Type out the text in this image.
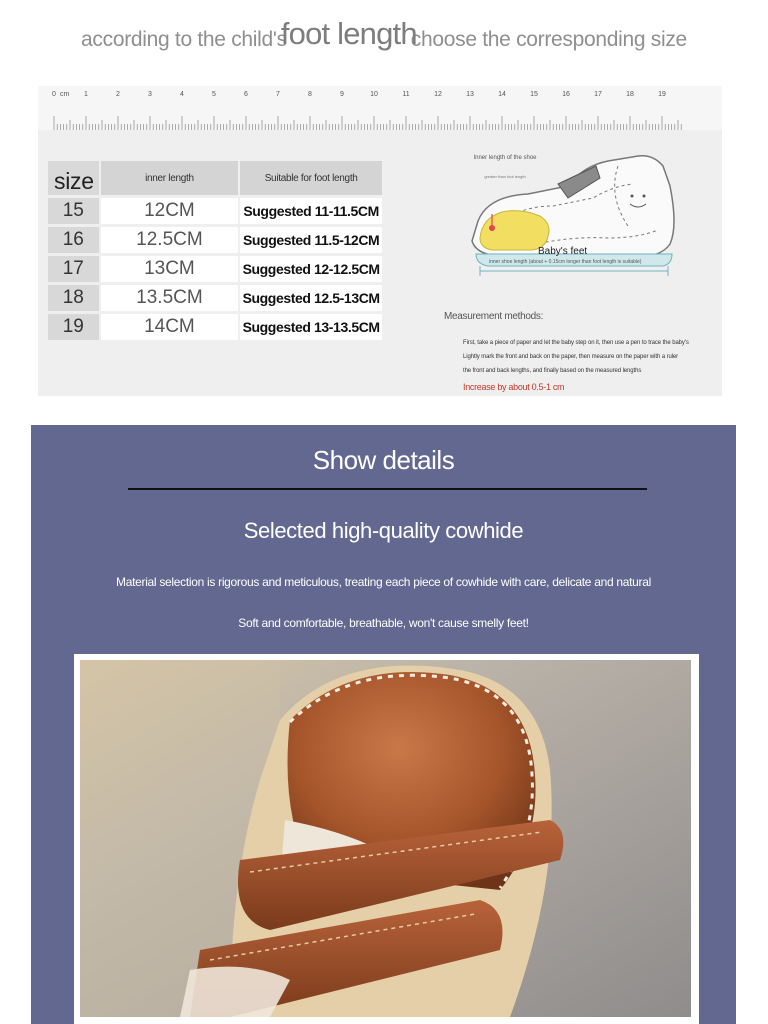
according to the child'sfoot lengthchoose the corresponding size
0	1	2	3	4	5	6	7	8	9	10	11	12	13	14	15	16	17	18	19
cm
size	inner length	Suitable for foot length
15	12CM	Suggested 11-11.5CM
16	12.5CM	Suggested 11.5-12CM
17	13CM	Suggested 12-12.5CM
18	13.5CM	Suggested 12.5-13CM
19	14CM	Suggested 13-13.5CM
Inner length of the shoe
greater than foot length
Baby's feet
inner shoe length (about + 0.15cm longer than foot length is suitable)
Measurement methods:
First, take a piece of paper and let the baby step on it, then use a pen to trace the baby's
Lightly mark the front and back on the paper, then measure on the paper with a ruler
the front and back lengths, and finally based on the measured lengths
Increase by about 0.5-1 cm
Show details
Selected high-quality cowhide
Material selection is rigorous and meticulous, treating each piece of cowhide with care, delicate and natural
Soft and comfortable, breathable, won't cause smelly feet!
